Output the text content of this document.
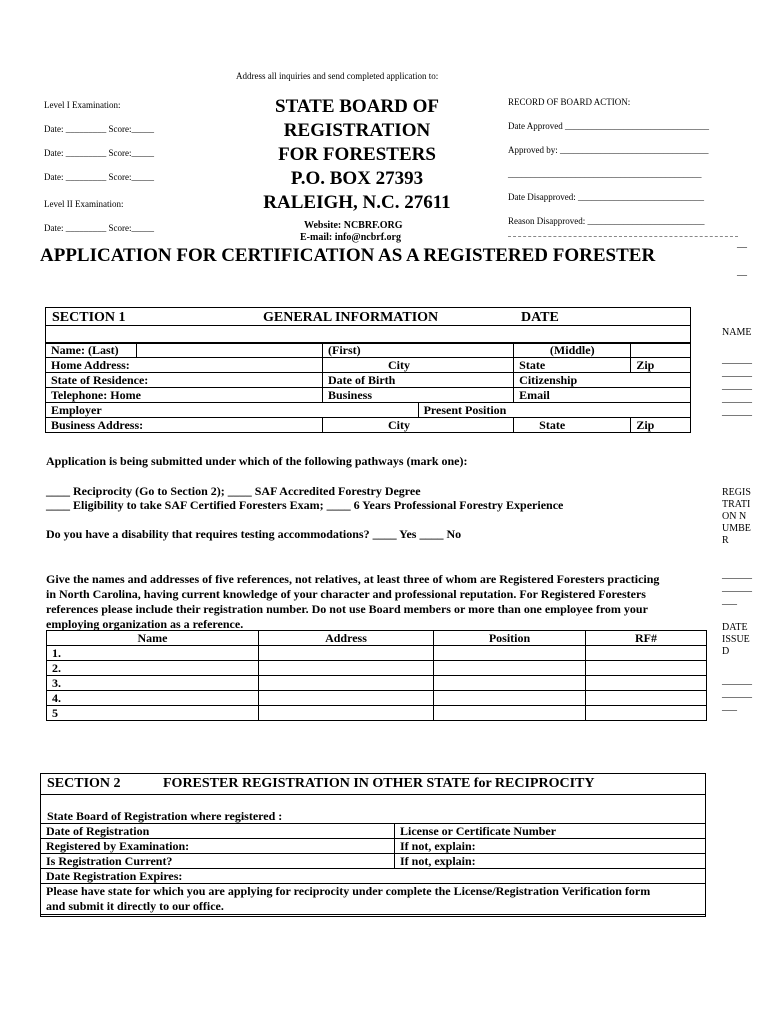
Address all inquiries and send completed application to:
STATE BOARD OF
REGISTRATION
FOR FORESTERS
P.O. BOX 27393
RALEIGH, N.C. 27611
Website: NCBRF.ORG
E-mail: info@ncbrf.org
Level I Examination:
Date: _________ Score:_____
Date: _________ Score:_____
Date: _________ Score:_____
Level II Examination:
Date: _________ Score:_____
RECORD OF BOARD ACTION:
Date Approved ________________________________
Approved by: _________________________________
___________________________________________
Date Disapproved: ____________________________
Reason Disapproved: __________________________
APPLICATION FOR CERTIFICATION AS A REGISTERED FORESTER
__
__
NAME
______________________________
REGISTRATION NUMBER
_______________
DATE ISSUED
_______________
SECTION 1	GENERAL INFORMATION	DATE
Name: (Last)		(First)		(Middle)	
Home Address:		City		State	Zip
State of Residence:		Date of Birth		Citizenship	
Telephone: Home		Business		Email	
Employer			Present Position		
Business Address:		City		State	Zip
Application is being submitted under which of the following pathways (mark one):
____ Reciprocity (Go to Section 2); ____ SAF Accredited Forestry Degree
____ Eligibility to take SAF Certified Foresters Exam; ____ 6 Years Professional Forestry Experience
Do you have a disability that requires testing accommodations? ____ Yes ____ No
Give the names and addresses of five references, not relatives, at least three of whom are Registered Foresters practicing
in North Carolina, having current knowledge of your character and professional reputation. For Registered Foresters
references please include their registration number. Do not use Board members or more than one employee from your
employing organization as a reference.
Name	Address	Position	RF#
1.			
2.			
3.			
4.			
5			
SECTION 2	FORESTER REGISTRATION IN OTHER STATE for RECIPROCITY
State Board of Registration where registered :
Date of Registration	License or Certificate Number
Registered by Examination:	If not, explain:
Is Registration Current?	If not, explain:
Date Registration Expires:	

Please have state for which you are applying for reciprocity under complete the License/Registration Verification form
and submit it directly to our office.	
